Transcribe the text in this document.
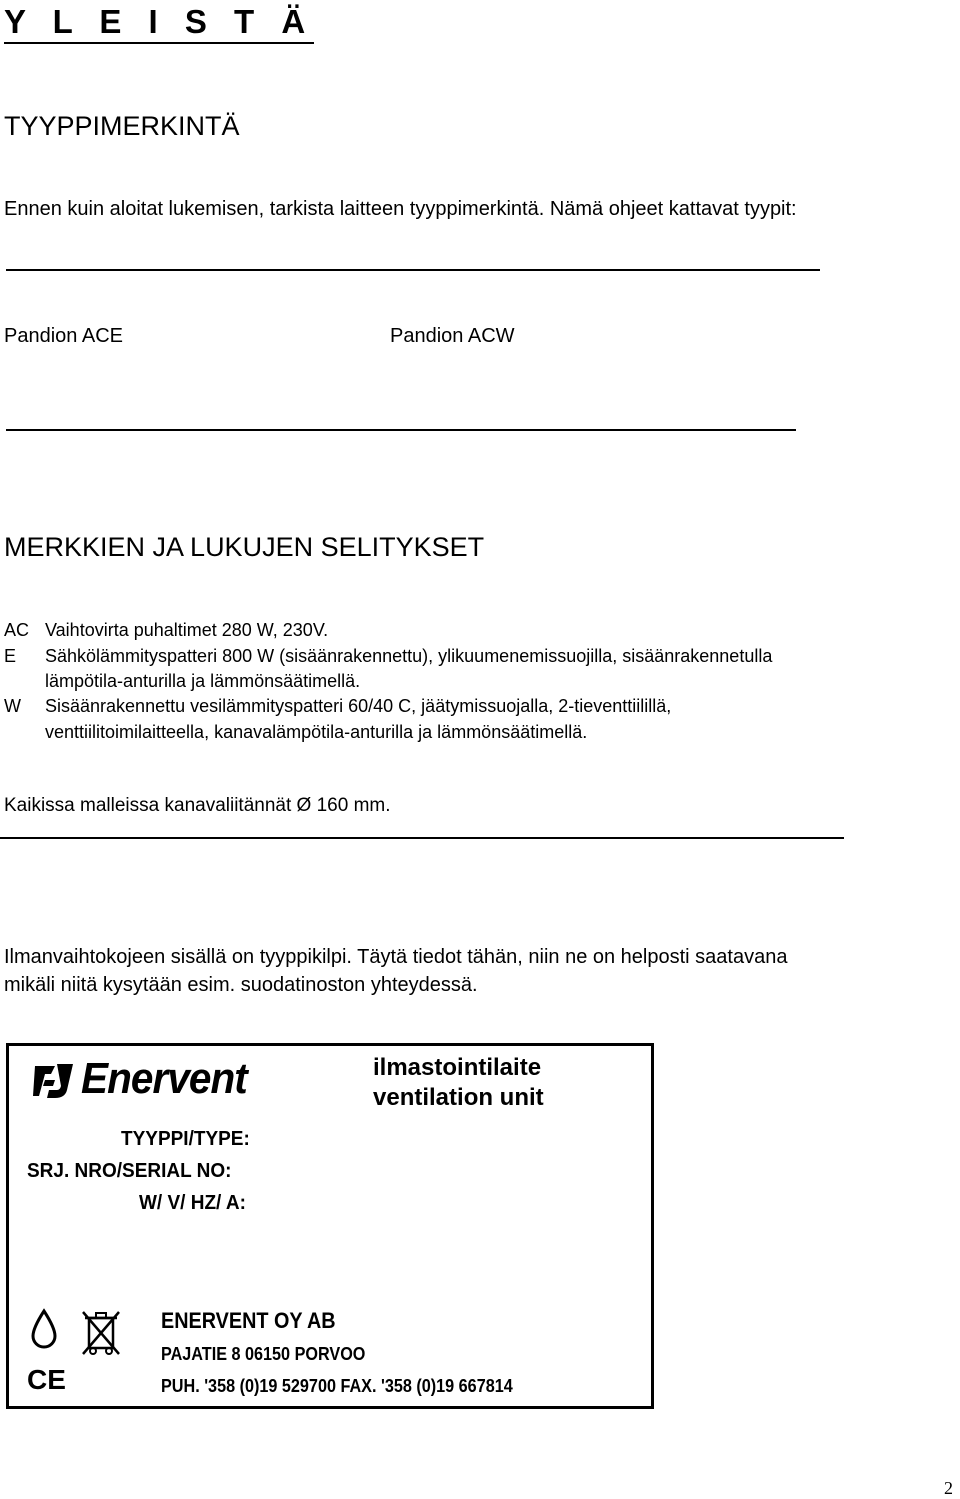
Y L E I S T Ä
TYYPPIMERKINTÄ
Ennen kuin aloitat lukemisen, tarkista laitteen tyyppimerkintä. Nämä ohjeet kattavat tyypit:
Pandion ACE	Pandion ACW
MERKKIEN JA LUKUJEN SELITYKSET
AC Vaihtovirta puhaltimet 280 W, 230V.
E Sähkölämmityspatteri 800 W (sisäänrakennettu), ylikuumenemissuojilla, sisäänrakennetulla
lämpötila-anturilla ja lämmönsäätimellä.
W Sisäänrakennettu vesilämmityspatteri 60/40 C, jäätymissuojalla, 2-tieventtiilillä,
venttiilitoimilaitteella, kanavalämpötila-anturilla ja lämmönsäätimellä.
Kaikissa malleissa kanavaliitännät Ø 160 mm.
Ilmanvaihtokojeen sisällä on tyyppikilpi. Täytä tiedot tähän, niin ne on helposti saatavana
mikäli niitä kysytään esim. suodatinoston yhteydessä.
Enervent	ilmastointilaite
ventilation unit
TYYPPI/TYPE:
SRJ. NRO/SERIAL NO:
W/ V/ HZ/ A:
CE
ENERVENT OY AB
PAJATIE 8 06150 PORVOO
PUH. '358 (0)19 529700 FAX. '358 (0)19 667814
2
